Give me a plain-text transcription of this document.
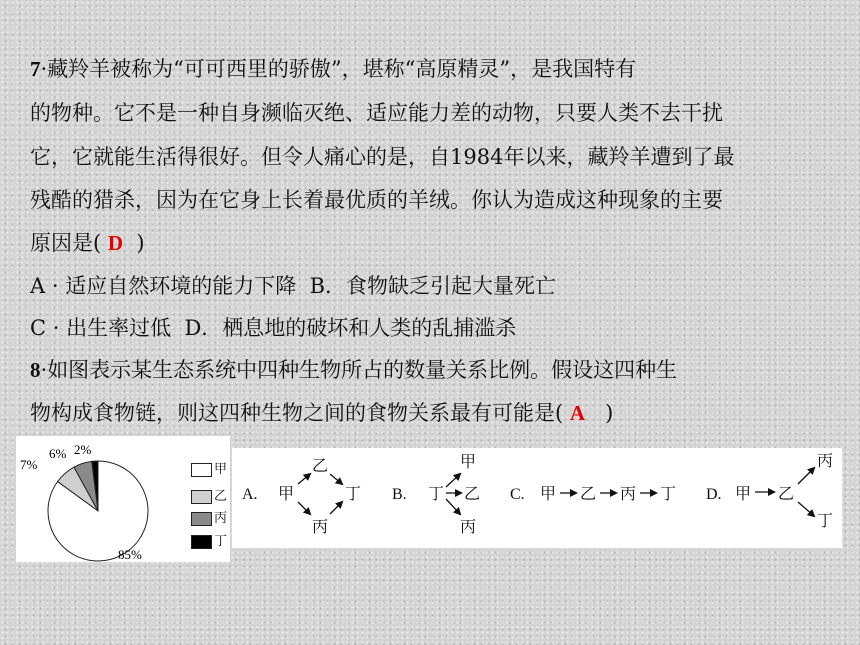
7·藏羚羊被称为“可可西里的骄傲”，堪称“高原精灵”，是我国特有
的物种。它不是一种自身濒临灭绝、适应能力差的动物，只要人类不去干扰
它，它就能生活得很好。但令人痛心的是，自1984年以来，藏羚羊遭到了最
残酷的猎杀，因为在它身上长着最优质的羊绒。你认为造成这种现象的主要
原因是( D )
A · 适应自然环境的能力下降 B．食物缺乏引起大量死亡
C · 出生率过低 D．栖息地的破坏和人类的乱捕滥杀
8·如图表示某生态系统中四种生物所占的数量关系比例。假设这四种生
物构成食物链，则这四种生物之间的食物关系最有可能是( A )
85%
7%
6% 2%
甲
乙
丙
丁
A. 甲
乙
丁
丙
B. 丁 乙
甲
丙
C. 甲 乙 丙 丁 D. 甲 乙
丙
丁
